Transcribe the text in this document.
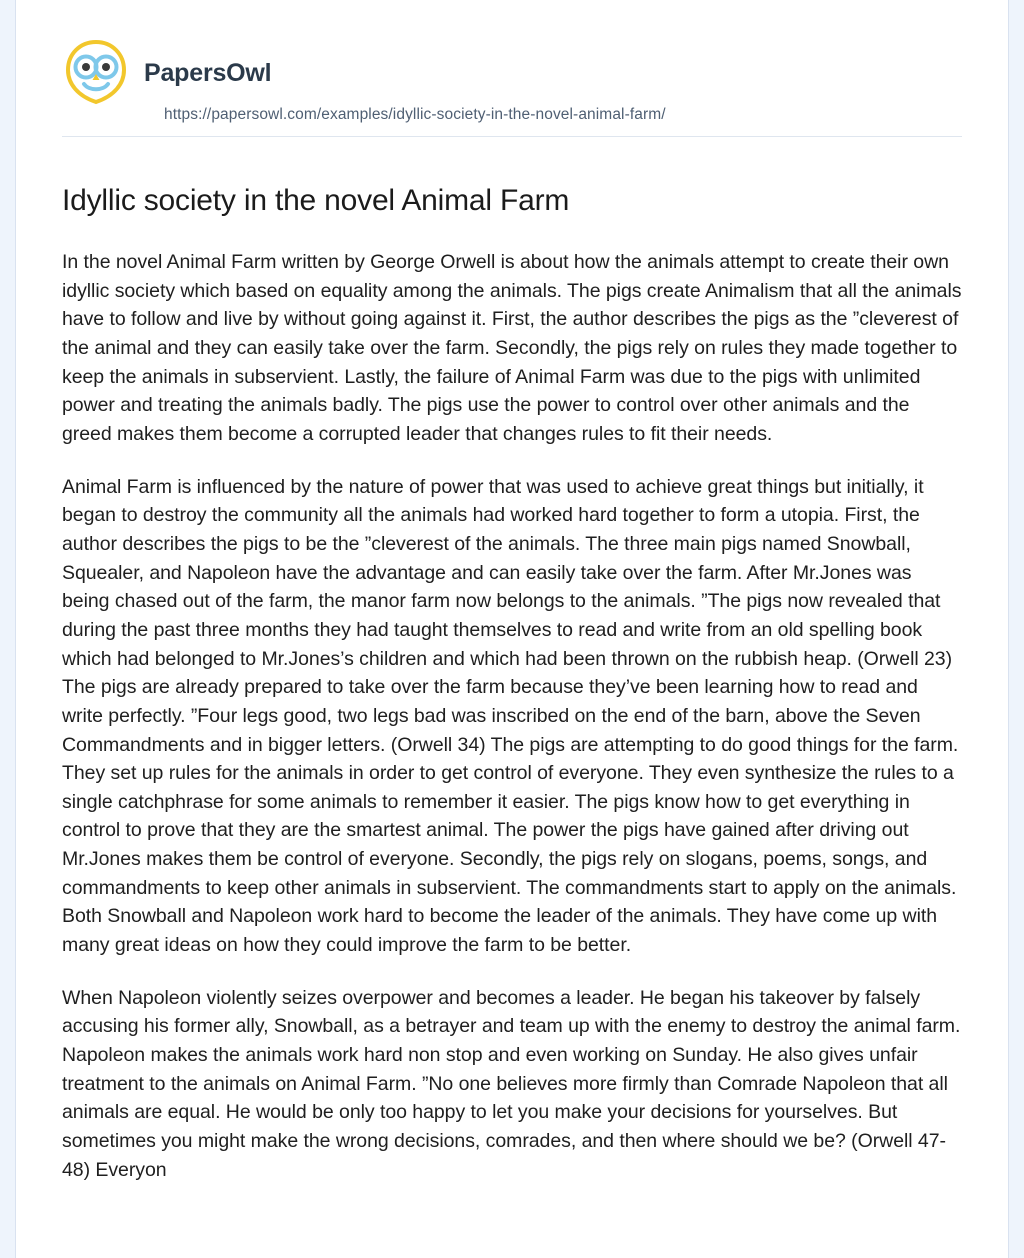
PapersOwl
https://papersowl.com/examples/idyllic-society-in-the-novel-animal-farm/
Idyllic society in the novel Animal Farm

In the novel Animal Farm written by George Orwell is about how the animals attempt to create their own idyllic society which based on equality among the animals. The pigs create Animalism that all the animals have to follow and live by without going against it. First, the author describes the pigs as the ”cleverest of the animal and they can easily take over the farm. Secondly, the pigs rely on rules they made together to keep the animals in subservient. Lastly, the failure of Animal Farm was due to the pigs with unlimited power and treating the animals badly. The pigs use the power to control over other animals and the greed makes them become a corrupted leader that changes rules to fit their needs.

Animal Farm is influenced by the nature of power that was used to achieve great things but initially, it began to destroy the community all the animals had worked hard together to form a utopia. First, the author describes the pigs to be the ”cleverest of the animals. The three main pigs named Snowball, Squealer, and Napoleon have the advantage and can easily take over the farm. After Mr.Jones was being chased out of the farm, the manor farm now belongs to the animals. ”The pigs now revealed that during the past three months they had taught themselves to read and write from an old spelling book which had belonged to Mr.Jones’s children and which had been thrown on the rubbish heap. (Orwell 23) The pigs are already prepared to take over the farm because they’ve been learning how to read and write perfectly. ”Four legs good, two legs bad was inscribed on the end of the barn, above the Seven Commandments and in bigger letters. (Orwell 34) The pigs are attempting to do good things for the farm. They set up rules for the animals in order to get control of everyone. They even synthesize the rules to a single catchphrase for some animals to remember it easier. The pigs know how to get everything in control to prove that they are the smartest animal. The power the pigs have gained after driving out Mr.Jones makes them be control of everyone. Secondly, the pigs rely on slogans, poems, songs, and commandments to keep other animals in subservient. The commandments start to apply on the animals. Both Snowball and Napoleon work hard to become the leader of the animals. They have come up with many great ideas on how they could improve the farm to be better.

When Napoleon violently seizes overpower and becomes a leader. He began his takeover by falsely accusing his former ally, Snowball, as a betrayer and team up with the enemy to destroy the animal farm. Napoleon makes the animals work hard non stop and even working on Sunday. He also gives unfair treatment to the animals on Animal Farm. ”No one believes more firmly than Comrade Napoleon that all animals are equal. He would be only too happy to let you make your decisions for yourselves. But sometimes you might make the wrong decisions, comrades, and then where should we be? (Orwell 47-48) Everyon
